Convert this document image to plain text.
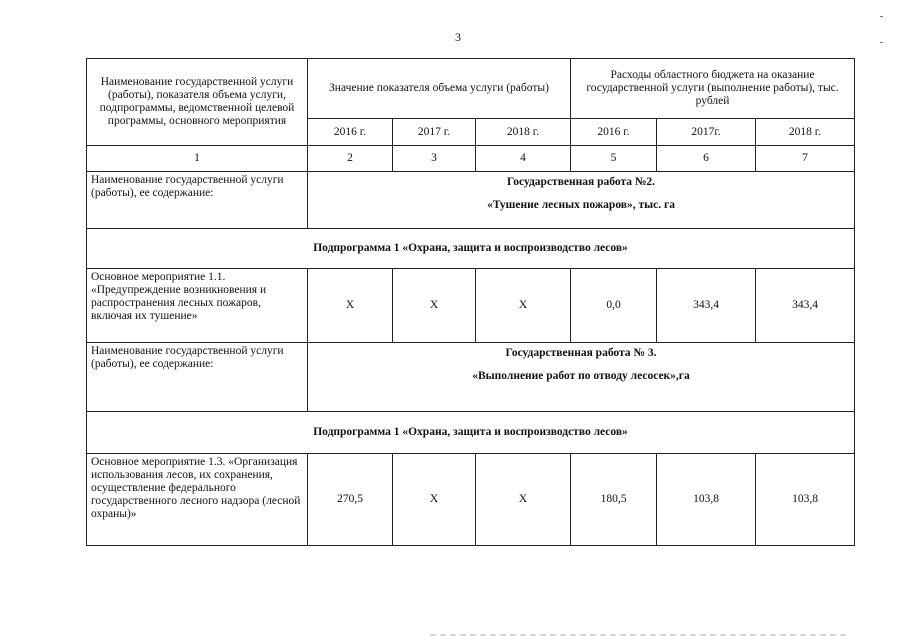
3
Наименование государственной услуги (работы), показателя объема услуги, подпрограммы, ведомственной целевой программы, основного мероприятия	Значение показателя объема услуги (работы)			Расходы областного бюджета на оказание государственной услуги (выполнение работы), тыс. рублей		
	2016 г.	2017 г.	2018 г.	2016 г.	2017г.	2018 г.
1	2	3	4	5	6	7
Наименование государственной услуги (работы), ее содержание:	Государственная работа №2.
«Тушение лесных пожаров», тыс. га					

Подпрограмма 1 «Охрана, защита и воспроизводство лесов»						
Основное мероприятие 1.1. «Предупреждение возникновения и распространения лесных пожаров, включая их тушение»	Х	Х	Х	0,0	343,4	343,4
Наименование государственной услуги (работы), ее содержание:	Государственная работа № 3.
«Выполнение работ по отводу лесосек»,га					

Подпрограмма 1 «Охрана, защита и воспроизводство лесов»						
Основное мероприятие 1.3. «Организация использования лесов, их сохранения, осуществление федерального государственного лесного надзора (лесной охраны)»	270,5	Х	Х	180,5	103,8	103,8
